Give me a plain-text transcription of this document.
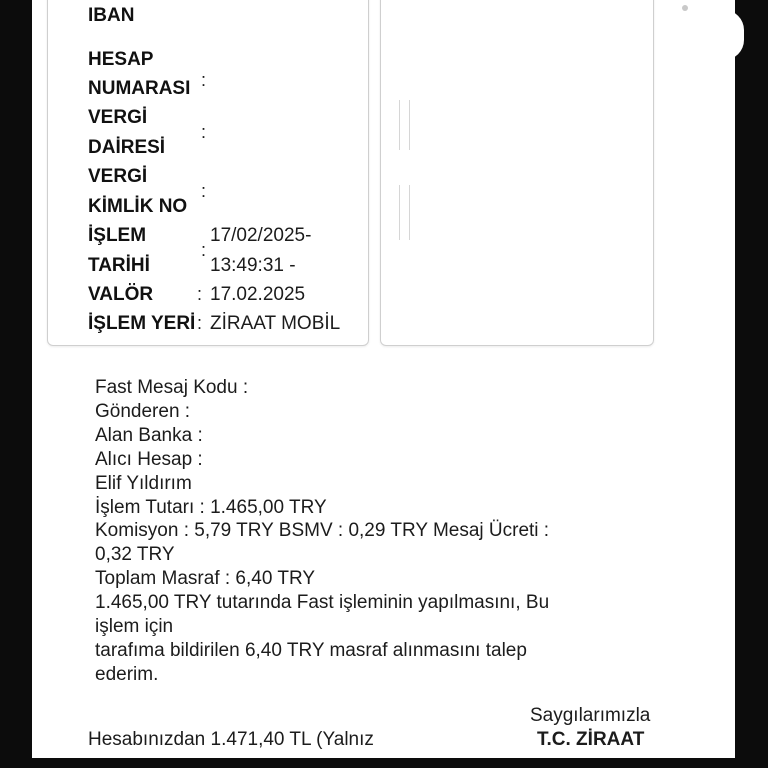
IBAN
HESAP
NUMARASI :
VERGİ
DAİRESİ
:
VERGİ
KİMLİK NO
:
İŞLEM
TARİHİ
:
17/02/2025-
13:49:31 -
VALÖR : 17.02.2025
İŞLEM YERİ : ZİRAAT MOBİL
Fast Mesaj Kodu :
Gönderen :
Alan Banka :
Alıcı Hesap :
Elif Yıldırım
İşlem Tutarı : 1.465,00 TRY
Komisyon : 5,79 TRY BSMV : 0,29 TRY Mesaj Ücreti :
0,32 TRY
Toplam Masraf : 6,40 TRY
1.465,00 TRY tutarında Fast işleminin yapılmasını, Bu
işlem için
tarafıma bildirilen 6,40 TRY masraf alınmasını talep
ederim.
Saygılarımızla
T.C. ZİRAAT
Hesabınızdan 1.471,40 TL (Yalnız
